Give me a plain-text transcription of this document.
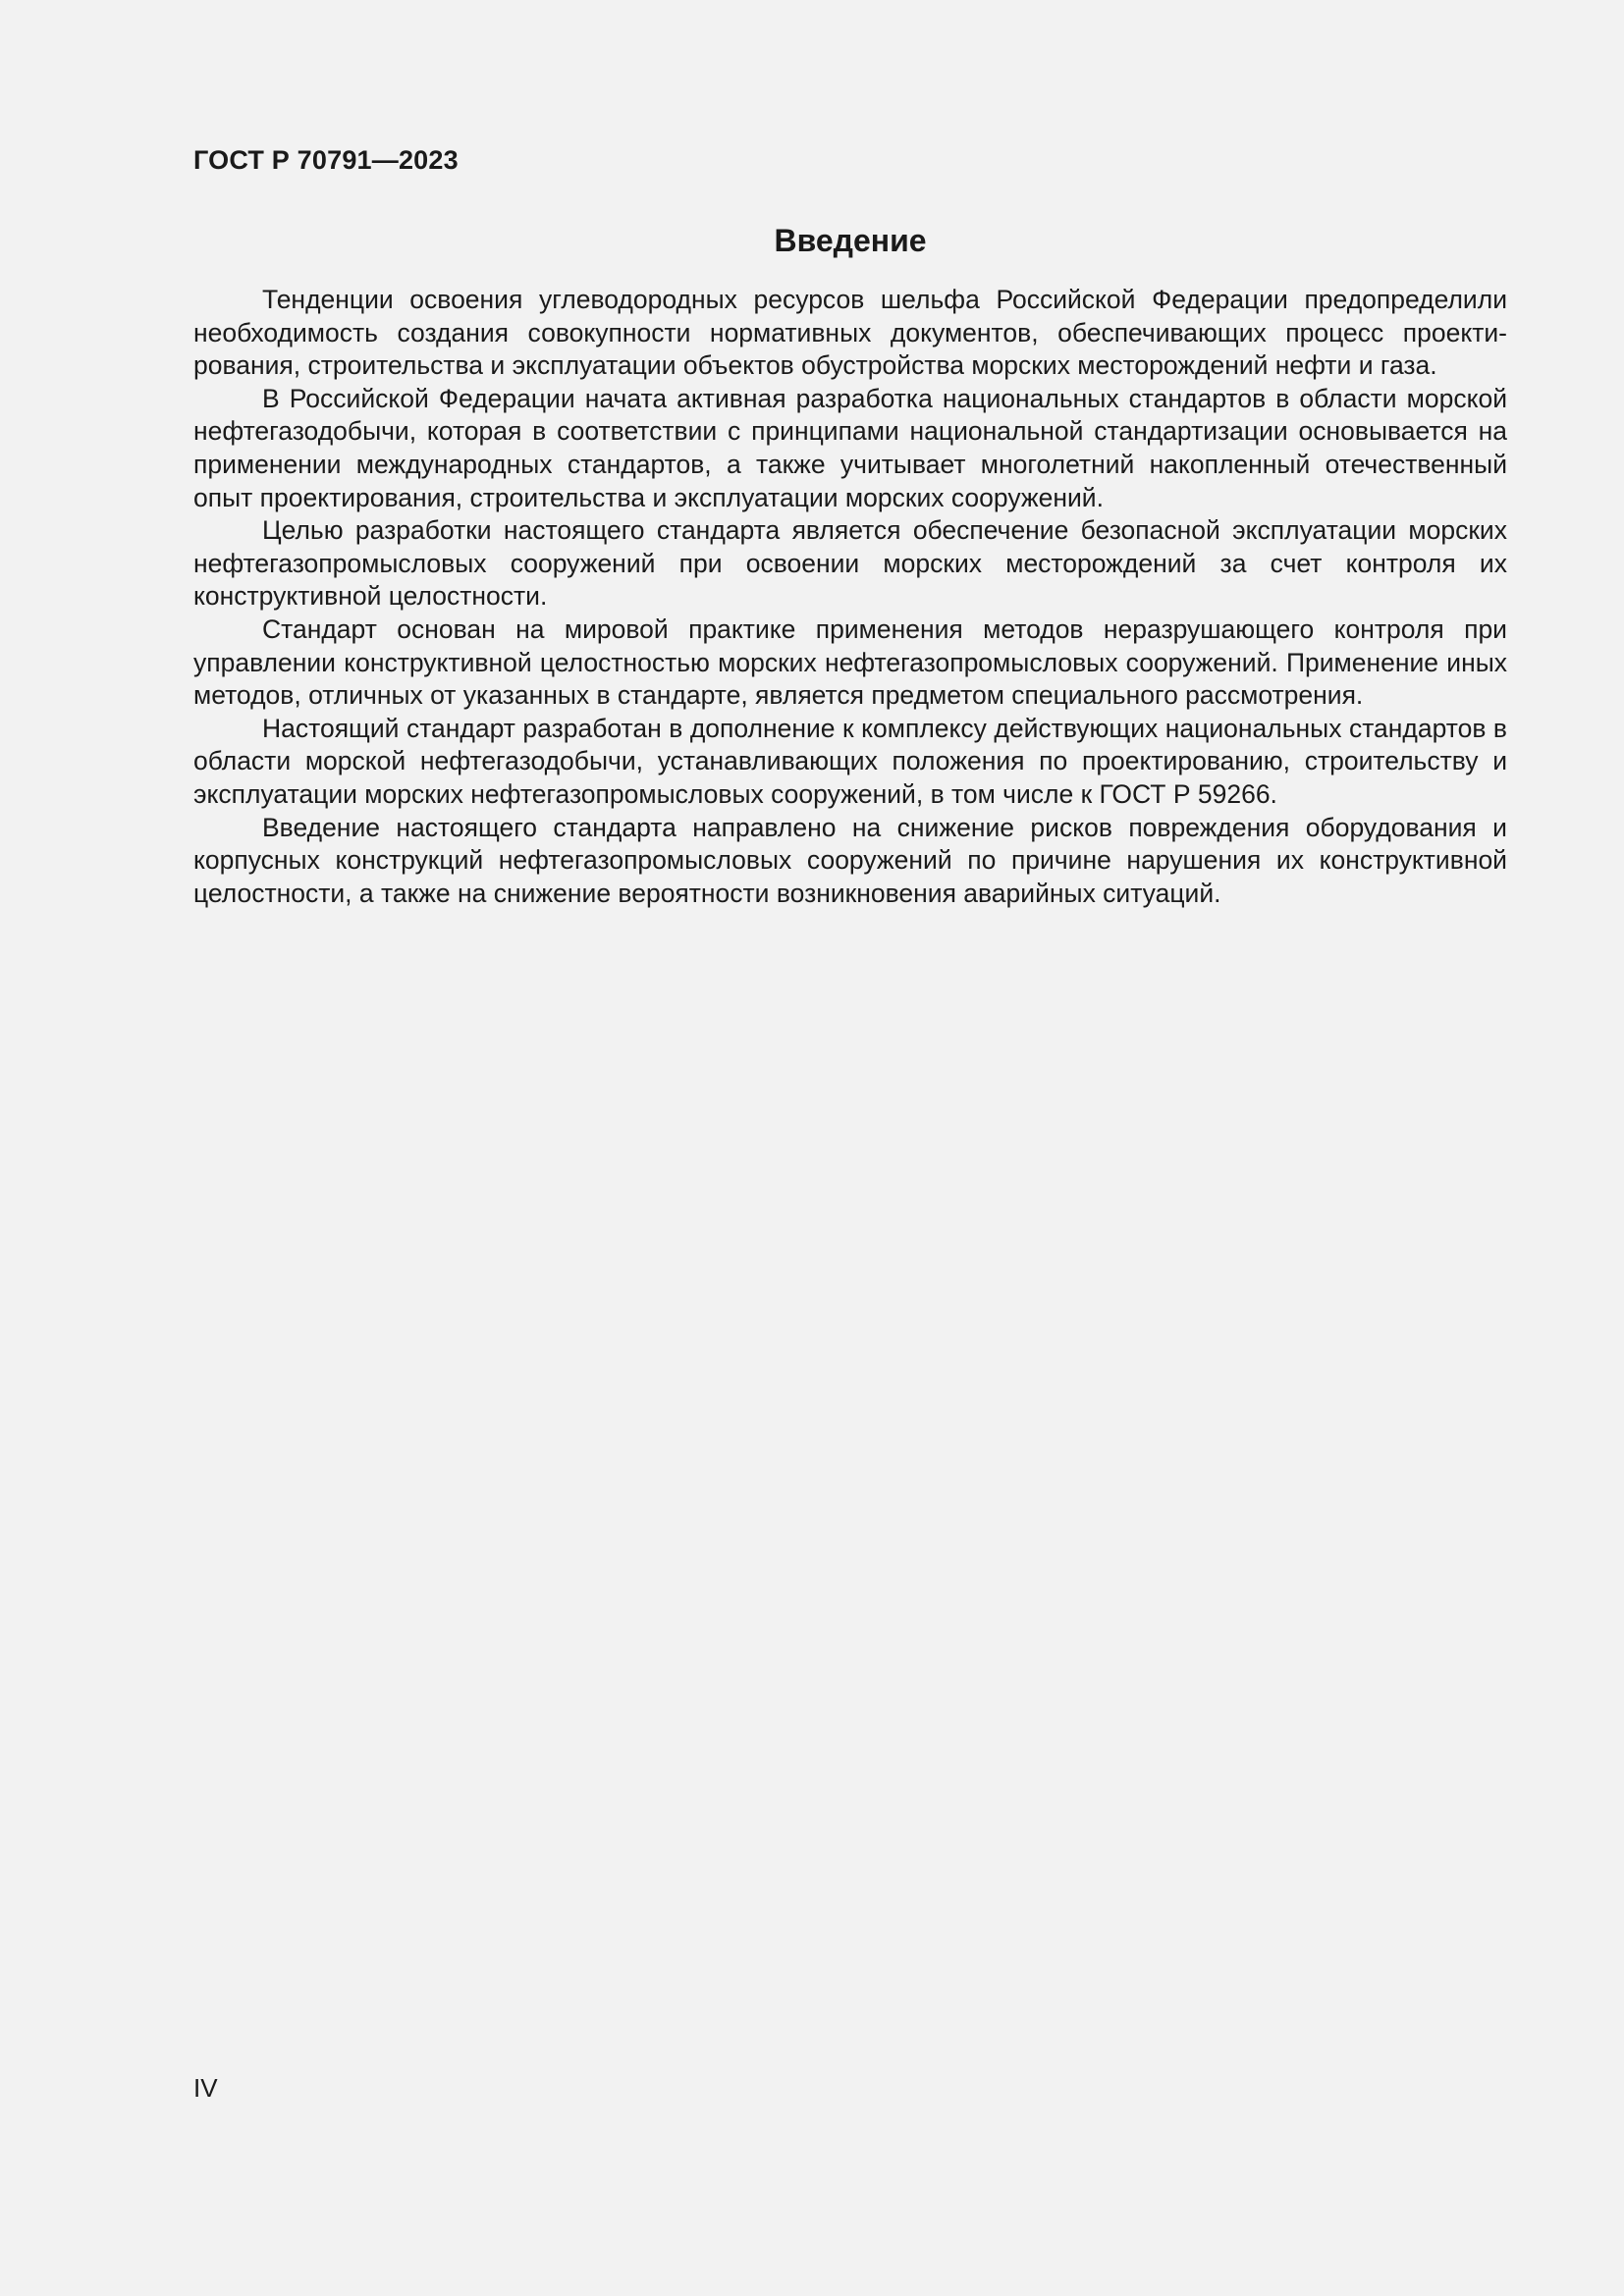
ГОСТ Р 70791—2023
Введение

Тенденции освоения углеводородных ресурсов шельфа Российской Федерации предопределили необходимость создания совокупности нормативных документов, обеспечивающих процесс проектирования, строительства и эксплуатации объектов обустройства морских месторождений нефти и газа.

В Российской Федерации начата активная разработка национальных стандартов в области морской нефтегазодобычи, которая в соответствии с принципами национальной стандартизации основывается на применении международных стандартов, а также учитывает многолетний накопленный отечественный опыт проектирования, строительства и эксплуатации морских сооружений.

Целью разработки настоящего стандарта является обеспечение безопасной эксплуатации морских нефтегазопромысловых сооружений при освоении морских месторождений за счет контроля их конструктивной целостности.

Стандарт основан на мировой практике применения методов неразрушающего контроля при управлении конструктивной целостностью морских нефтегазопромысловых сооружений. Применение иных методов, отличных от указанных в стандарте, является предметом специального рассмотрения.

Настоящий стандарт разработан в дополнение к комплексу действующих национальных стандартов в области морской нефтегазодобычи, устанавливающих положения по проектированию, строительству и эксплуатации морских нефтегазопромысловых сооружений, в том числе к ГОСТ Р 59266.

Введение настоящего стандарта направлено на снижение рисков повреждения оборудования и корпусных конструкций нефтегазопромысловых сооружений по причине нарушения их конструктивной целостности, а также на снижение вероятности возникновения аварийных ситуаций.

IV
